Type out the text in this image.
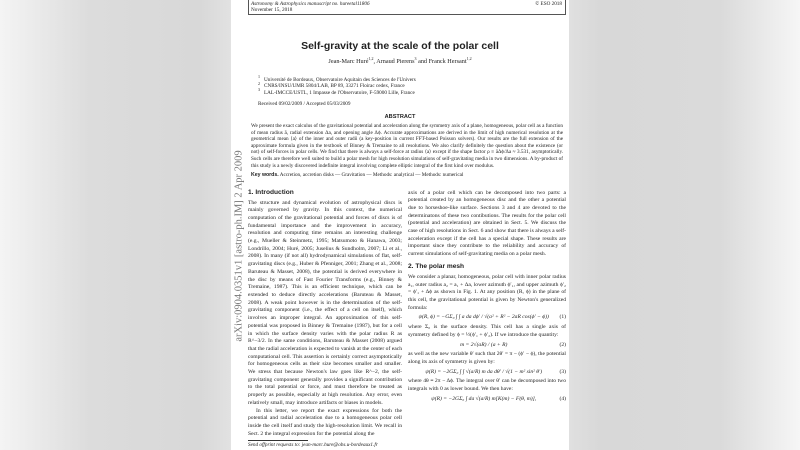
Astronomy & Astrophysics manuscript no. hureetal11806
November 15, 2018
© ESO 2018
arXiv:0904.0351v1 [astro-ph.IM] 2 Apr 2009
Self-gravity at the scale of the polar cell
Jean-Marc Huré$^{1,2}$, Arnaud Pierens$^3$ and Franck Hersant$^{1,2}$
$^1$Université de Bordeaux, Observatoire Aquitain des Sciences de l'Univers
$^2$CNRS/INSU/UMR 5804/LAB, BP 89, 33271 Floirac cedex, France
$^3$LAL-IMCCE/USTL, 1 Impasse de l'Observatoire, F-59000 Lille, France
Received 09/02/2009 / Accepted 05/03/2009
ABSTRACT
We present the exact calculus of the gravitational potential and acceleration along the symmetry axis of a plane, homogeneous, polar cell as a function of mean radius ā, radial extension Δa, and opening angle Δϕ. Accurate approximations are derived in the limit of high numerical resolution at the geometrical mean ⟨a⟩ of the inner and outer radii (a key-position in current FFT-based Poisson solvers). Our results are the full extension of the approximate formula given in the textbook of Binney & Tremaine to all resolutions. We also clarify definitely the question about the existence (or not) of self-forces in polar cells. We find that there is always a self-force at radius ⟨a⟩ except if the shape factor ρ ≡ āΔϕ/Δa ≈ 3.531, asymptotically. Such cells are therefore well suited to build a polar mesh for high resolution simulations of self-gravitating media in two dimensions. A by-product of this study is a newly discovered indefinite integral involving complete elliptic integral of the first kind over modulus.
Key words. Accretion, accretion disks — Gravitation — Methods: analytical — Methods: numerical
1. Introduction

The structure and dynamical evolution of astrophysical discs is mainly governed by gravity. In this context, the numerical computation of the gravitational potential and forces of discs is of fundamental importance and the improvement in accuracy, resolution and computing time remains an interesting challenge (e.g., Mueller & Steinmetz, 1995; Matsumoto & Hanawa, 2003; Londrillo, 2004; Huré, 2005; Juselius & Sundholm, 2007; Li et al., 2008). In many (if not all) hydrodynamical simulations of flat, self-gravitating discs (e.g., Huber & Pfenniger, 2001; Zhang et al., 2008; Baruteau & Masset, 2008), the potential is derived everywhere in the disc by means of Fast Fourier Transforms (e.g., Binney & Tremaine, 1987). This is an efficient technique, which can be extended to deduce directly accelerations (Baruteau & Masset, 2008). A weak point however is in the determination of the self-gravitating component (i.e., the effect of a cell on itself), which involves an improper integral. An approximation of this self-potential was proposed in Binney & Tremaine (1987), but for a cell in which the surface density varies with the polar radius R as R^−3/2. In the same conditions, Baruteau & Masset (2008) argued that the radial acceleration is expected to vanish at the center of each computational cell. This assertion is certainly correct asymptotically for homogeneous cells as their size becomes smaller and smaller. We stress that because Newton's law goes like R^−2, the self-gravitating component generally provides a significant contribution to the total potential or force, and must therefore be treated as properly as possible, especially at high resolution. Any error, even relatively small, may introduce artifacts or biases in models.

In this letter, we report the exact expressions for both the potential and radial acceleration due to a homogeneous polar cell inside the cell itself and study the high-resolution limit. We recall in Sect. 2 the integral expression for the potential along the

Send offprint requests to: jean-marc.hure@obs.u-bordeaux1.fr

axis of a polar cell which can be decomposed into two parts: a potential created by an homogeneous disc and the other a potential due to horseshoe-like surface. Sections 3 and 4 are devoted to the determinatons of these two contibutions. The results for the polar cell (potential and acceleration) are obtained in Sect. 5. We discuss the case of high resolutions in Sect. 6 and show that there is always a self-acceleration except if the cell has a special shape. These results are important since they contribute to the reliability and accuracy of current simulations of self-gravitating media on a polar mesh.

2. The polar mesh

We consider a planar, homogeneous, polar cell with inner polar radius a₁, outer radius a₂ = a₁ + Δa, lower azimuth ϕ′₁, and upper azimuth ϕ′₂ = ϕ′₁ + Δϕ as shown in Fig. 1. At any position (R, ϕ) in the plane of this cell, the gravitational potential is given by Newton's generalized formula:

ψ(R, ϕ) = −GΣ₀ ∫ ∫ a da dϕ′ / √(a² + R² − 2aR cos(ϕ′ − ϕ))	(1)

where Σ₀ is the surface density. This cell has a single axis of symmetry defined by ϕ = ½(ϕ′₁ + ϕ′₂). If we introduce the quantity:

m = 2√(aR) / (a + R)	(2)

as well as the new variable θ′ such that 2θ′ = π − (ϕ′ − ϕ), the potential along its axis of symmetry is given by:

ψ(R) = −2GΣ₀ ∫ ∫ √(a/R) m da dθ′ / √(1 − m² sin² θ′)	(3)

where 4θ ≡ 2π − Δϕ. The integral over θ′ can be decomposed into two integrals with 0 as lower bound. We then have:

ψ(R) = −2GΣ₀ ∫ da √(a/R) m[K(m) − F(θ, m)],	(4)
